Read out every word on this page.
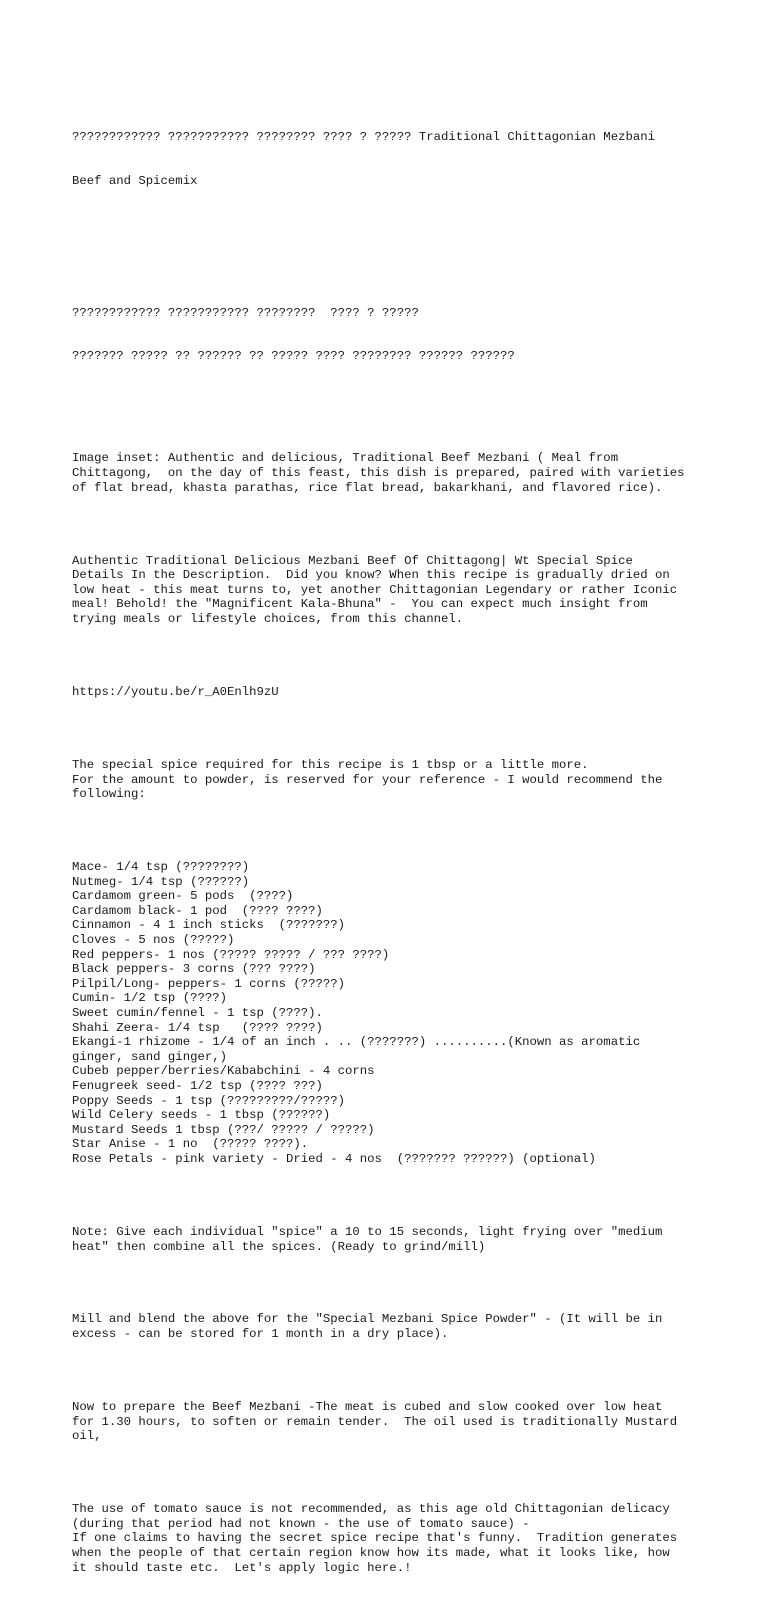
???????????? ??????????? ???????? ???? ? ????? Traditional Chittagonian Mezbani

Beef and Spicemix

???????????? ??????????? ????????  ???? ? ?????

??????? ????? ?? ?????? ?? ????? ???? ???????? ?????? ??????

Image inset: Authentic and delicious, Traditional Beef Mezbani ( Meal from
Chittagong,  on the day of this feast, this dish is prepared, paired with varieties
of flat bread, khasta parathas, rice flat bread, bakarkhani, and flavored rice).

Authentic Traditional Delicious Mezbani Beef Of Chittagong| Wt Special Spice
Details In the Description.  Did you know? When this recipe is gradually dried on
low heat - this meat turns to, yet another Chittagonian Legendary or rather Iconic
meal! Behold! the "Magnificent Kala-Bhuna" -  You can expect much insight from
trying meals or lifestyle choices, from this channel.

https://youtu.be/r_A0Enlh9zU

The special spice required for this recipe is 1 tbsp or a little more.
For the amount to powder, is reserved for your reference - I would recommend the
following:

Mace- 1/4 tsp (????????)
Nutmeg- 1/4 tsp (??????)
Cardamom green- 5 pods  (????)
Cardamom black- 1 pod  (???? ????)
Cinnamon - 4 1 inch sticks  (???????)
Cloves - 5 nos (?????)
Red peppers- 1 nos (????? ????? / ??? ????)
Black peppers- 3 corns (??? ????)
Pilpil/Long- peppers- 1 corns (?????)
Cumin- 1/2 tsp (????)
Sweet cumin/fennel - 1 tsp (????).
Shahi Zeera- 1/4 tsp   (???? ????)
Ekangi-1 rhizome - 1/4 of an inch . .. (???????) ..........(Known as aromatic
ginger, sand ginger,)
Cubeb pepper/berries/Kababchini - 4 corns
Fenugreek seed- 1/2 tsp (???? ???)
Poppy Seeds - 1 tsp (?????????/?????)
Wild Celery seeds - 1 tbsp (??????)
Mustard Seeds 1 tbsp (???/ ????? / ?????)
Star Anise - 1 no  (????? ????).
Rose Petals - pink variety - Dried - 4 nos  (??????? ??????) (optional)

Note: Give each individual "spice" a 10 to 15 seconds, light frying over "medium
heat" then combine all the spices. (Ready to grind/mill)

Mill and blend the above for the "Special Mezbani Spice Powder" - (It will be in
excess - can be stored for 1 month in a dry place).

Now to prepare the Beef Mezbani -The meat is cubed and slow cooked over low heat
for 1.30 hours, to soften or remain tender.  The oil used is traditionally Mustard
oil,

The use of tomato sauce is not recommended, as this age old Chittagonian delicacy
(during that period had not known - the use of tomato sauce) -
If one claims to having the secret spice recipe that's funny.  Tradition generates
when the people of that certain region know how its made, what it looks like, how
it should taste etc.  Let's apply logic here.!
